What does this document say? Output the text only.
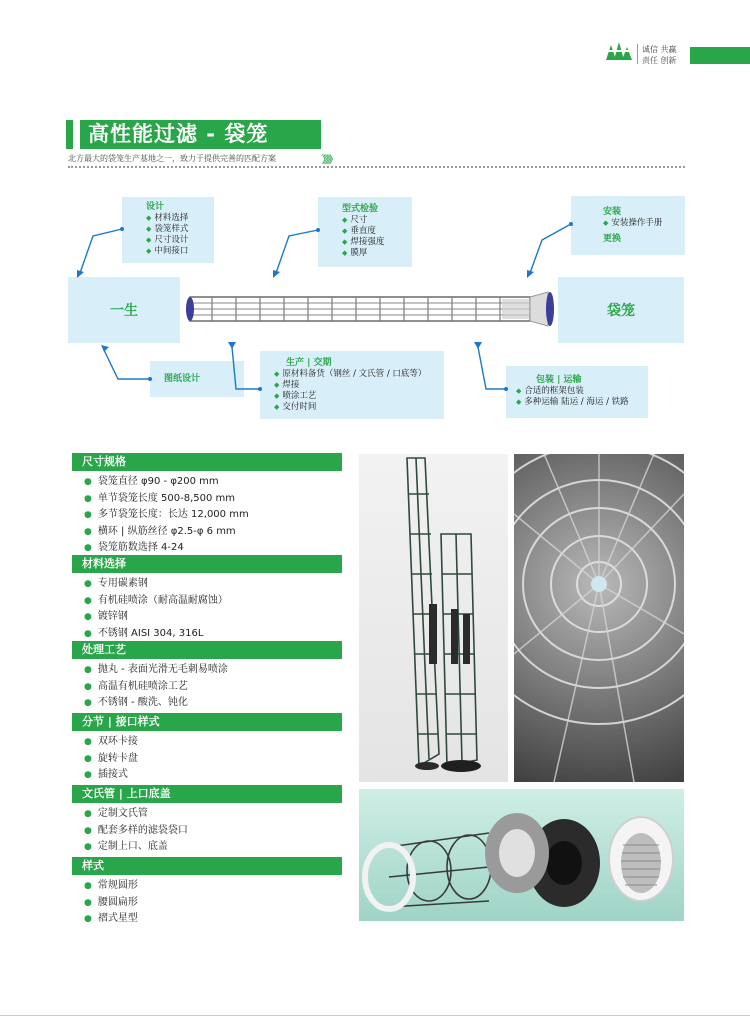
诚信 共赢
责任 创新
高性能过滤 - 袋笼
北方最大的袋笼生产基地之一，致力于提供完善的匹配方案	》》》
设计
◆ 材料选择
◆ 袋笼样式
◆ 尺寸设计
◆ 中间接口
型式检验
◆ 尺寸
◆ 垂直度
◆ 焊接强度
◆ 膜厚
安装
◆ 安装操作手册
更换
一生	袋笼
图纸设计
生产 | 交期
◆ 原材料备货（钢丝 / 文氏管 / 口底等）
◆ 焊接
◆ 喷涂工艺
◆ 交付时间
包装 | 运输
◆ 合适的框架包装
◆ 多种运输 陆运 / 海运 / 铁路
尺寸规格
● 袋笼直径 φ90 - φ200 mm
● 单节袋笼长度 500-8,500 mm
● 多节袋笼长度：长达 12,000 mm
● 横环 | 纵筋丝径 φ2.5-φ 6 mm
● 袋笼筋数选择 4-24
材料选择
● 专用碳素钢
● 有机硅喷涂（耐高温耐腐蚀）
● 镀锌钢
● 不锈钢 AISI 304, 316L
处理工艺
● 抛丸 - 表面光滑无毛刺易喷涂
● 高温有机硅喷涂工艺
● 不锈钢 - 酸洗、钝化
分节 | 接口样式
● 双环卡接
● 旋转卡盘
● 插接式
文氏管 | 上口底盖
● 定制文氏管
● 配套多样的滤袋袋口
● 定制上口、底盖
样式
● 常规圆形
● 腰圆扁形
● 褶式星型
